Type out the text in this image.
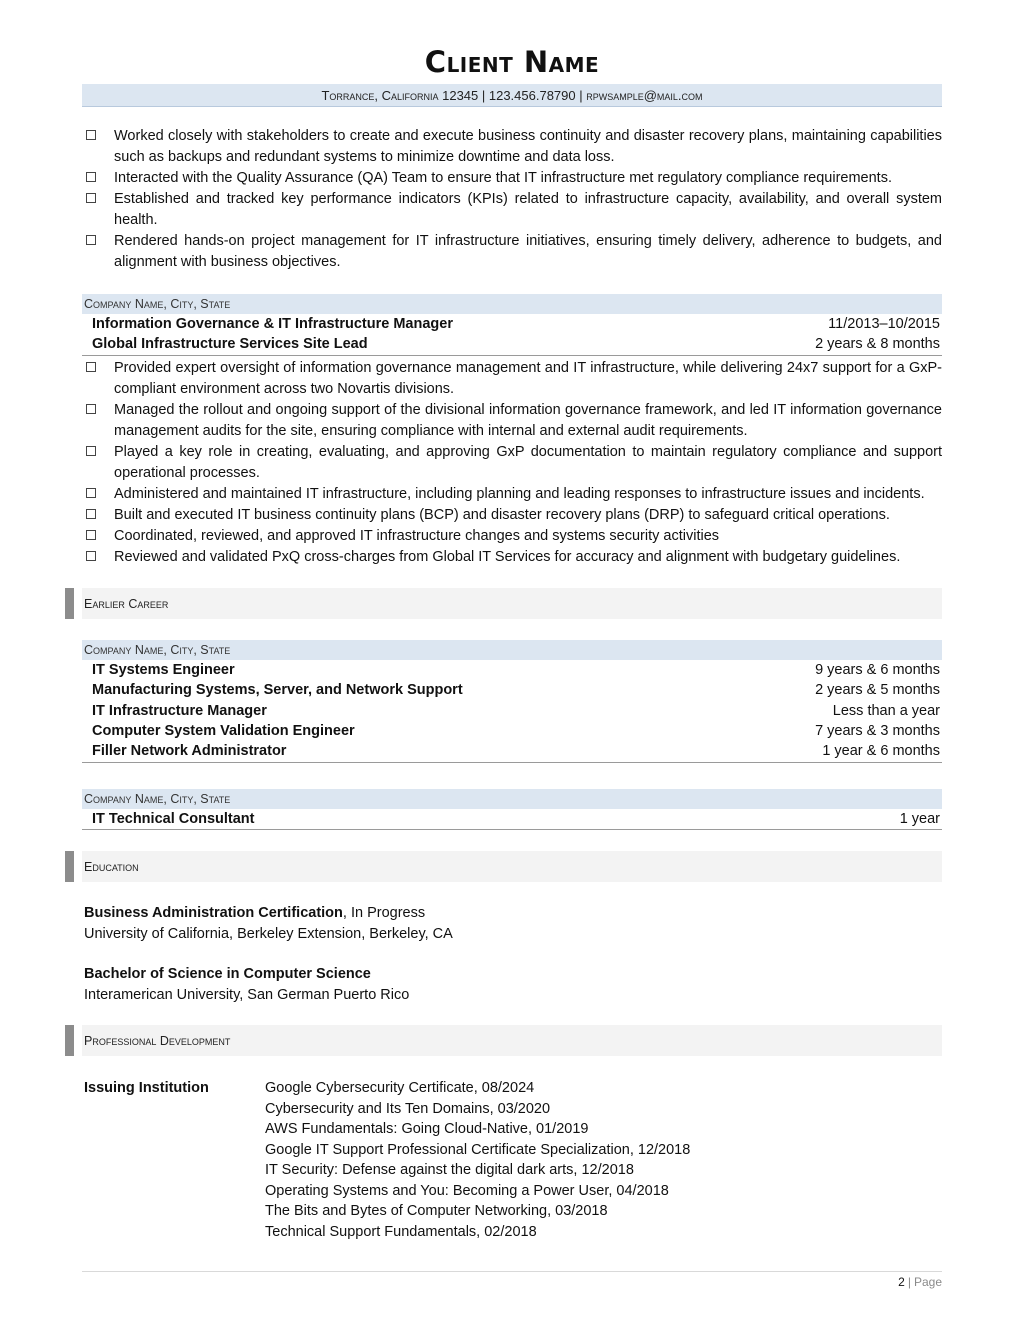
Client Name
Torrance, California 12345 | 123.456.78790 | rpwsample@mail.com
Worked closely with stakeholders to create and execute business continuity and disaster recovery plans, maintaining capabilities such as backups and redundant systems to minimize downtime and data loss.
Interacted with the Quality Assurance (QA) Team to ensure that IT infrastructure met regulatory compliance requirements.
Established and tracked key performance indicators (KPIs) related to infrastructure capacity, availability, and overall system health.
Rendered hands-on project management for IT infrastructure initiatives, ensuring timely delivery, adherence to budgets, and alignment with business objectives.
Company Name, City, State
Information Governance & IT Infrastructure Manager	11/2013–10/2015
Global Infrastructure Services Site Lead	2 years & 8 months
Provided expert oversight of information governance management and IT infrastructure, while delivering 24x7 support for a GxP-compliant environment across two Novartis divisions.
Managed the rollout and ongoing support of the divisional information governance framework, and led IT information governance management audits for the site, ensuring compliance with internal and external audit requirements.
Played a key role in creating, evaluating, and approving GxP documentation to maintain regulatory compliance and support operational processes.
Administered and maintained IT infrastructure, including planning and leading responses to infrastructure issues and incidents.
Built and executed IT business continuity plans (BCP) and disaster recovery plans (DRP) to safeguard critical operations.
Coordinated, reviewed, and approved IT infrastructure changes and systems security activities
Reviewed and validated PxQ cross-charges from Global IT Services for accuracy and alignment with budgetary guidelines.
Earlier Career
Company Name, City, State
IT Systems Engineer	9 years & 6 months
Manufacturing Systems, Server, and Network Support	2 years & 5 months
IT Infrastructure Manager	Less than a year
Computer System Validation Engineer	7 years & 3 months
Filler Network Administrator	1 year & 6 months
Company Name, City, State
IT Technical Consultant	1 year
Education
Business Administration Certification, In Progress
University of California, Berkeley Extension, Berkeley, CA
Bachelor of Science in Computer Science
Interamerican University, San German Puerto Rico
Professional Development
Issuing Institution	Google Cybersecurity Certificate, 08/2024
Cybersecurity and Its Ten Domains, 03/2020
AWS Fundamentals: Going Cloud-Native, 01/2019
Google IT Support Professional Certificate Specialization, 12/2018
IT Security: Defense against the digital dark arts, 12/2018
Operating Systems and You: Becoming a Power User, 04/2018
The Bits and Bytes of Computer Networking, 03/2018
Technical Support Fundamentals, 02/2018
2 | Page
